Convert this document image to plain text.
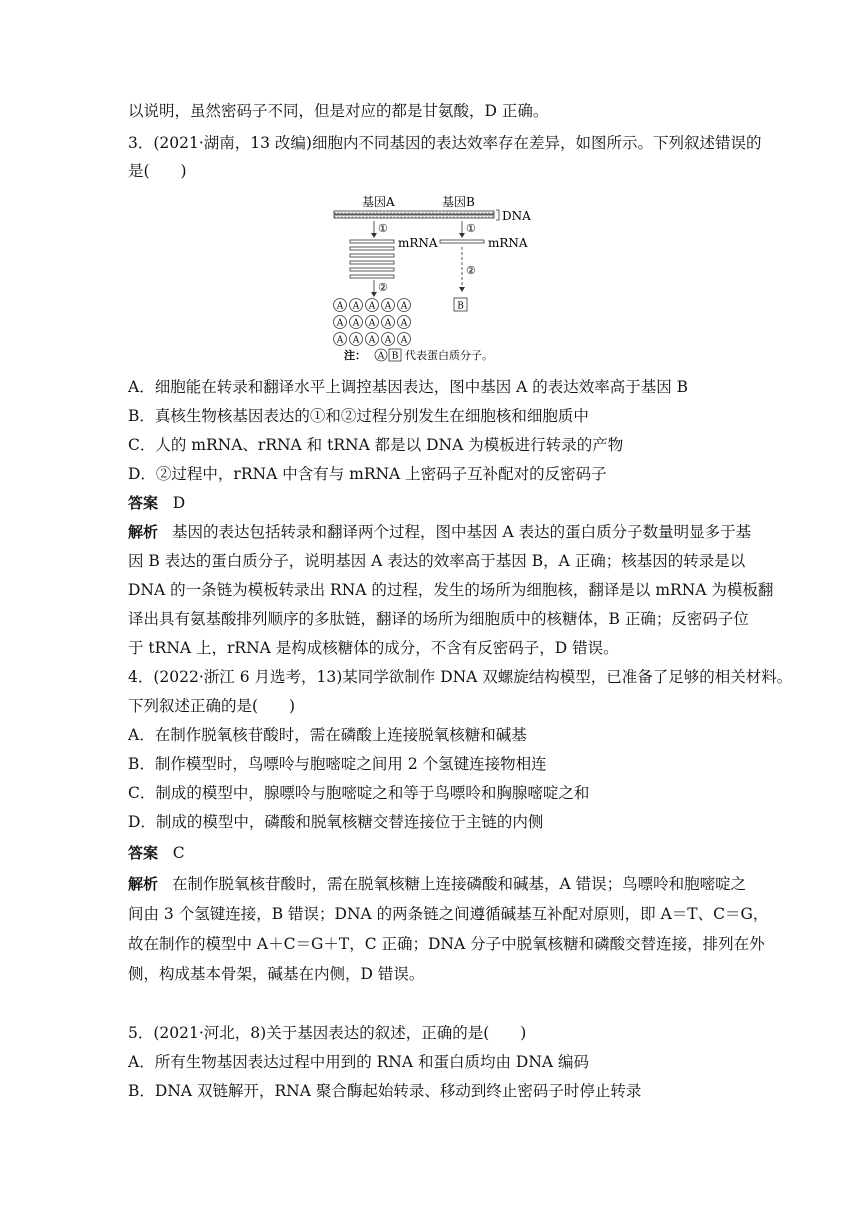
以说明，虽然密码子不同，但是对应的都是甘氨酸，D 正确。
3．(2021·湖南，13 改编)细胞内不同基因的表达效率存在差异，如图所示。下列叙述错误的
是(　　)
基因A	基因B
DNA
①	①
mRNA	mRNA
②
②
A A A A A
A A A A A
A A A A A
B
注： A B 代表蛋白质分子。
A．细胞能在转录和翻译水平上调控基因表达，图中基因 A 的表达效率高于基因 B
B．真核生物核基因表达的①和②过程分别发生在细胞核和细胞质中
C．人的 mRNA、rRNA 和 tRNA 都是以 DNA 为模板进行转录的产物
D．②过程中，rRNA 中含有与 mRNA 上密码子互补配对的反密码子
答案 D
解析 基因的表达包括转录和翻译两个过程，图中基因 A 表达的蛋白质分子数量明显多于基
因 B 表达的蛋白质分子，说明基因 A 表达的效率高于基因 B，A 正确；核基因的转录是以
DNA 的一条链为模板转录出 RNA 的过程，发生的场所为细胞核，翻译是以 mRNA 为模板翻
译出具有氨基酸排列顺序的多肽链，翻译的场所为细胞质中的核糖体，B 正确；反密码子位
于 tRNA 上，rRNA 是构成核糖体的成分，不含有反密码子，D 错误。
4．(2022·浙江 6 月选考，13)某同学欲制作 DNA 双螺旋结构模型，已准备了足够的相关材料。
下列叙述正确的是(　　)
A．在制作脱氧核苷酸时，需在磷酸上连接脱氧核糖和碱基
B．制作模型时，鸟嘌呤与胞嘧啶之间用 2 个氢键连接物相连
C．制成的模型中，腺嘌呤与胞嘧啶之和等于鸟嘌呤和胸腺嘧啶之和
D．制成的模型中，磷酸和脱氧核糖交替连接位于主链的内侧
答案 C
解析 在制作脱氧核苷酸时，需在脱氧核糖上连接磷酸和碱基，A 错误；鸟嘌呤和胞嘧啶之
间由 3 个氢键连接，B 错误；DNA 的两条链之间遵循碱基互补配对原则，即 A＝T、C＝G，
故在制作的模型中 A＋C＝G＋T，C 正确；DNA 分子中脱氧核糖和磷酸交替连接，排列在外
侧，构成基本骨架，碱基在内侧，D 错误。
5．(2021·河北，8)关于基因表达的叙述，正确的是(　　)
A．所有生物基因表达过程中用到的 RNA 和蛋白质均由 DNA 编码
B．DNA 双链解开，RNA 聚合酶起始转录、移动到终止密码子时停止转录
